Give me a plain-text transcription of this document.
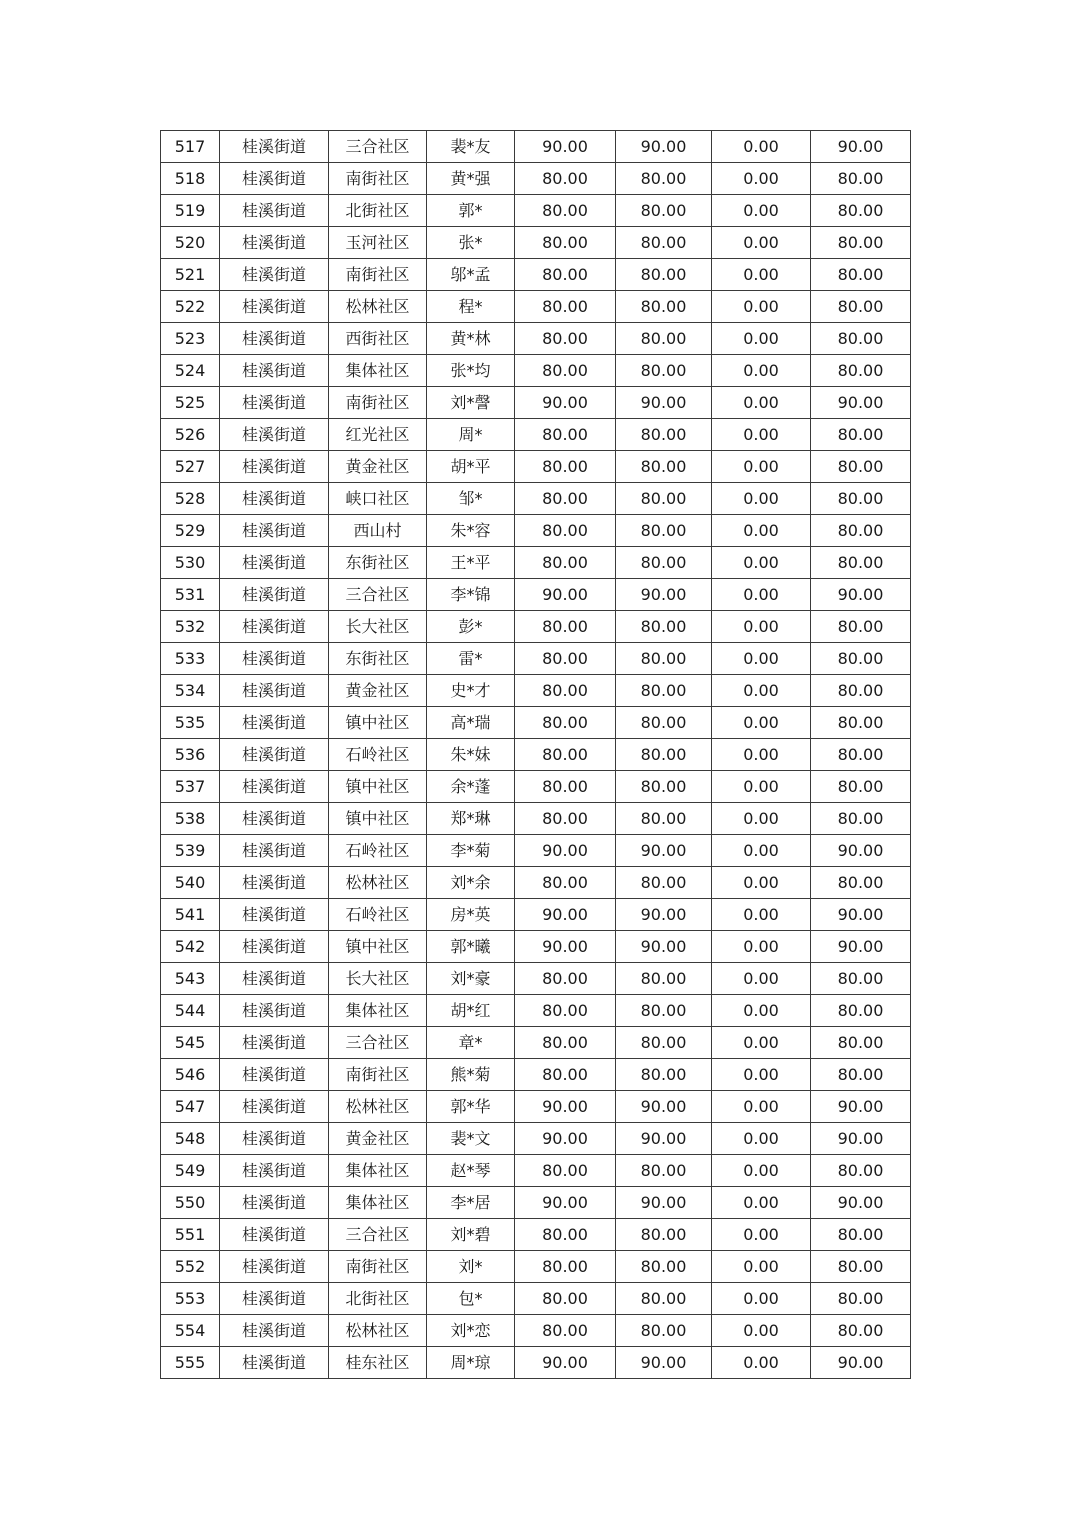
517	桂溪街道	三合社区	裴*友	90.00	90.00	0.00	90.00
518	桂溪街道	南街社区	黄*强	80.00	80.00	0.00	80.00
519	桂溪街道	北街社区	郭*	80.00	80.00	0.00	80.00
520	桂溪街道	玉河社区	张*	80.00	80.00	0.00	80.00
521	桂溪街道	南街社区	邬*孟	80.00	80.00	0.00	80.00
522	桂溪街道	松林社区	程*	80.00	80.00	0.00	80.00
523	桂溪街道	西街社区	黄*林	80.00	80.00	0.00	80.00
524	桂溪街道	集体社区	张*均	80.00	80.00	0.00	80.00
525	桂溪街道	南街社区	刘*謦	90.00	90.00	0.00	90.00
526	桂溪街道	红光社区	周*	80.00	80.00	0.00	80.00
527	桂溪街道	黄金社区	胡*平	80.00	80.00	0.00	80.00
528	桂溪街道	峡口社区	邹*	80.00	80.00	0.00	80.00
529	桂溪街道	西山村	朱*容	80.00	80.00	0.00	80.00
530	桂溪街道	东街社区	王*平	80.00	80.00	0.00	80.00
531	桂溪街道	三合社区	李*锦	90.00	90.00	0.00	90.00
532	桂溪街道	长大社区	彭*	80.00	80.00	0.00	80.00
533	桂溪街道	东街社区	雷*	80.00	80.00	0.00	80.00
534	桂溪街道	黄金社区	史*才	80.00	80.00	0.00	80.00
535	桂溪街道	镇中社区	高*瑞	80.00	80.00	0.00	80.00
536	桂溪街道	石岭社区	朱*妹	80.00	80.00	0.00	80.00
537	桂溪街道	镇中社区	余*蓬	80.00	80.00	0.00	80.00
538	桂溪街道	镇中社区	郑*琳	80.00	80.00	0.00	80.00
539	桂溪街道	石岭社区	李*菊	90.00	90.00	0.00	90.00
540	桂溪街道	松林社区	刘*余	80.00	80.00	0.00	80.00
541	桂溪街道	石岭社区	房*英	90.00	90.00	0.00	90.00
542	桂溪街道	镇中社区	郭*曦	90.00	90.00	0.00	90.00
543	桂溪街道	长大社区	刘*豪	80.00	80.00	0.00	80.00
544	桂溪街道	集体社区	胡*红	80.00	80.00	0.00	80.00
545	桂溪街道	三合社区	章*	80.00	80.00	0.00	80.00
546	桂溪街道	南街社区	熊*菊	80.00	80.00	0.00	80.00
547	桂溪街道	松林社区	郭*华	90.00	90.00	0.00	90.00
548	桂溪街道	黄金社区	裴*文	90.00	90.00	0.00	90.00
549	桂溪街道	集体社区	赵*琴	80.00	80.00	0.00	80.00
550	桂溪街道	集体社区	李*居	90.00	90.00	0.00	90.00
551	桂溪街道	三合社区	刘*碧	80.00	80.00	0.00	80.00
552	桂溪街道	南街社区	刘*	80.00	80.00	0.00	80.00
553	桂溪街道	北街社区	包*	80.00	80.00	0.00	80.00
554	桂溪街道	松林社区	刘*恋	80.00	80.00	0.00	80.00
555	桂溪街道	桂东社区	周*琼	90.00	90.00	0.00	90.00
